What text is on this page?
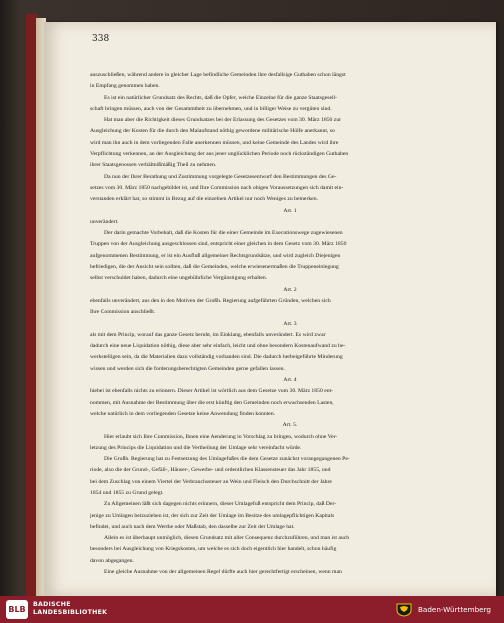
338
auszuschließen, während andere in gleicher Lage befindliche Gemeinden ihre desfallsige Guthaben schon längst
in Empfang genommen haben.
Es ist ein natürlicher Grundsatz des Rechts, daß die Opfer, welche Einzelne für die ganze Staatsgesell-
schaft bringen müssen, auch von der Gesammtheit zu übernehmen, und in billiger Weise zu vergüten sind.
Hat man aber die Richtigkeit dieses Grundsatzes bei der Erlassung des Gesetzes vom 30. März 1850 zur
Ausgleichung der Kosten für die durch den Maiaufstand nöthig gewordene militärische Hülfe anerkannt, so
wird man ihn auch in dem vorliegenden Falle anerkennen müssen, und keine Gemeinde des Landes wird ihre
Verpflichtung verkennen, an der Ausgleichung der aus jener unglücklichen Periode noch rückständigen Guthaben
ihrer Staatsgenossen verhältnißmäßig Theil zu nehmen.
Da nun der Ihrer Berathung und Zustimmung vorgelegte Gesetzesentwurf den Bestimmungen des Ge-
setzes vom 30. März 1850 nachgebildet ist, und Ihre Commission nach obigen Voraussetzungen sich damit ein-
verstanden erklärt hat, so stimmt in Bezug auf die einzelnen Artikel nur noch Weniges zu bemerken.
Art. 1
unverändert.
Der darin gemachte Vorbehalt, daß die Kosten für die einer Gemeinde im Executionswege zugewiesenen
Truppen von der Ausgleichung ausgeschlossen sind, entspricht einer gleichen in dem Gesetz vom 30. März 1850
aufgenommenen Bestimmung, er ist ein Ausfluß allgemeiner Rechtsgrundsätze, und wird zugleich Diejenigen
befriedigen, die der Ansicht sein sollten, daß die Gemeinden, welche erwiesenermaßen die Truppeneinlegung
selbst verschuldet haben, dadurch eine ungebührliche Vergünstigung erhalten.
Art. 2
ebenfalls unverändert, aus den in den Motiven der Großh. Regierung aufgeführten Gründen, welchen sich
Ihre Commission anschließt.
Art. 3
als mit dem Princip, worauf das ganze Gesetz beruht, im Einklang, ebenfalls unverändert. Es wird zwar
dadurch eine neue Liquidation nöthig, diese aber sehr einfach, leicht und ohne besondern Kostenaufwand zu be-
werkstelligen sein, da die Materialien dazu vollständig vorhanden sind. Die dadurch herbeigeführte Minderung
wissen und werden sich die forderungsberechtigten Gemeinden gerne gefallen lassen.
Art. 4
hiebei ist ebenfalls nichts zu erinnern. Dieser Artikel ist wörtlich aus dem Gesetze vom 30. März 1850 ent-
nommen, mit Ausnahme der Bestimmung über die erst künftig den Gemeinden noch erwachsenden Lasten,
welche natürlich in dem vorliegenden Gesetze keine Anwendung finden konnten.
Art. 5.
Hier erlaubt sich Ihre Commission, Ihnen eine Aenderung in Vorschlag zu bringen, wodurch ohne Ver-
letzung des Princips die Liquidation und die Vertheilung der Umlage sehr vereinfacht würde.
Die Großh. Regierung hat zu Festsetzung des Umlagefußes die dem Gesetze zunächst vorangegangenen Pe-
riode, also die der Grund-, Gefäll-, Häuser-, Gewerbe- und ordentlichen Klassensteuer das Jahr 1855, und
bei dem Zuschlag von einem Viertel der Verbrauchssteuer an Wein und Fleisch den Durchschnitt der Jahre
1854 und 1855 zu Grund gelegt.
Zu Allgemeinen läßt sich dagegen nichts erinnern, dieser Umlagefuß entspricht dem Princip, daß Der-
jenige zu Umlagen beizuziehen ist, der sich zur Zeit der Umlage im Besitze des umlagepflichtigen Kapitals
befindet, und auch nach dem Werthe oder Maßstab, den dasselbe zur Zeit der Umlage hat.
Allein es ist überhaupt unmöglich, diesen Grundsatz mit aller Consequenz durchzuführen, und man ist auch
besonders bei Ausgleichung von Kriegskosten, um welche es sich doch eigentlich hier handelt, schon häufig
davon abgegangen.
Eine gleiche Ausnahme von der allgemeinen Regel dürfte auch hier gerechtfertigt erscheinen, wenn man
BLB
BADISCHE
LANDESBIBLIOTHEK	Baden-Württemberg
